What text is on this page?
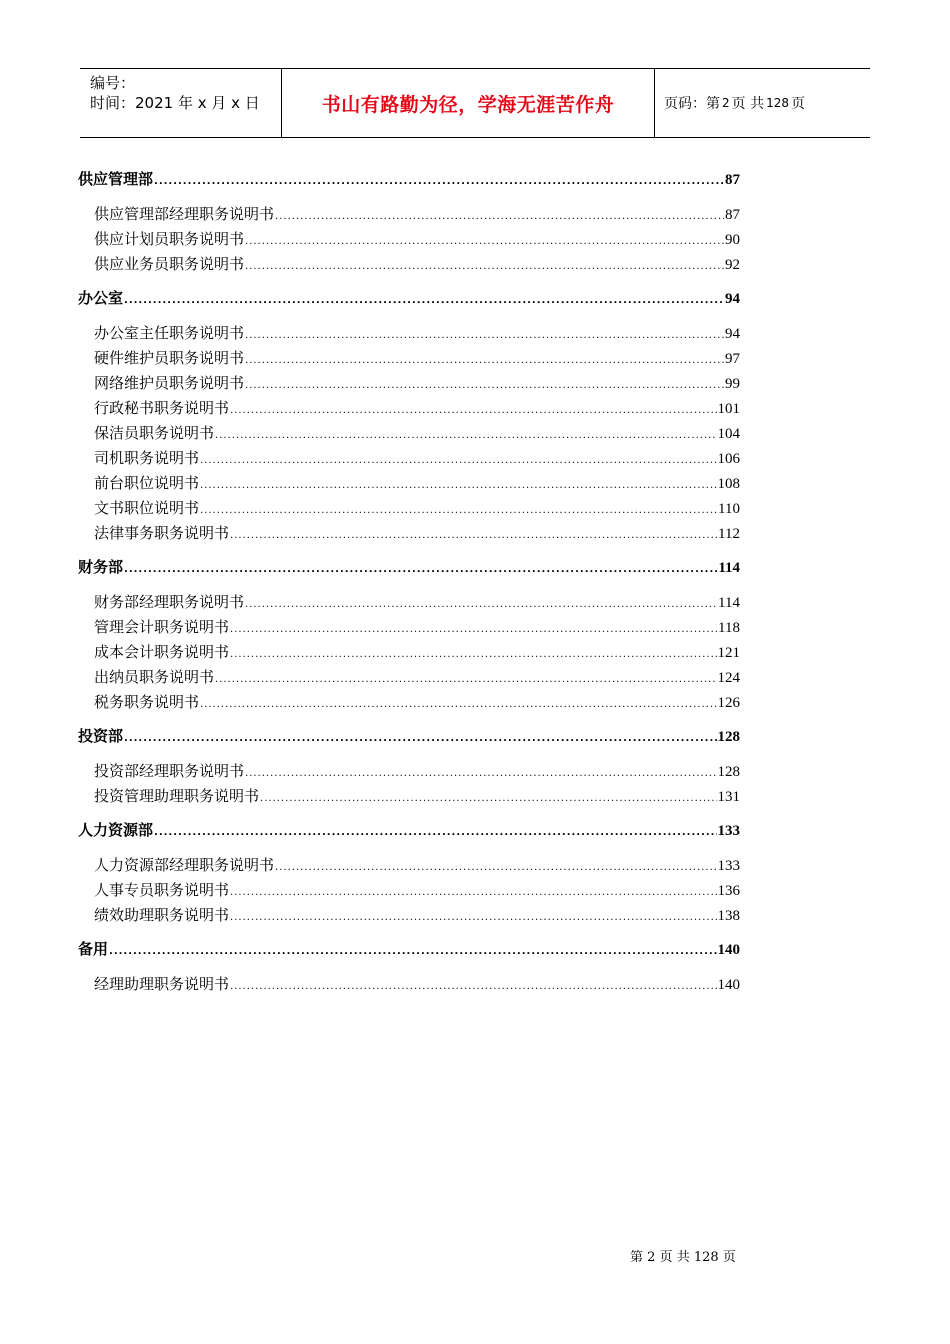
编号：
时间：2021 年 x 月 x 日	书山有路勤为径，学海无涯苦作舟	页码：第 2 页 共 128 页
供应管理部 .....	87
供应管理部经理职务说明书 .....	87
供应计划员职务说明书 .....	90
供应业务员职务说明书 .....	92
办公室 .....	94
办公室主任职务说明书 .....	94
硬件维护员职务说明书 .....	97
网络维护员职务说明书 .....	99
行政秘书职务说明书 .....	101
保洁员职务说明书 .....	104
司机职务说明书 .....	106
前台职位说明书 .....	108
文书职位说明书 .....	110
法律事务职务说明书 .....	112
财务部 .....	114
财务部经理职务说明书 .....	114
管理会计职务说明书 .....	118
成本会计职务说明书 .....	121
出纳员职务说明书 .....	124
税务职务说明书 .....	126
投资部 .....	128
投资部经理职务说明书 .....	128
投资管理助理职务说明书 .....	131
人力资源部 .....	133
人力资源部经理职务说明书 .....	133
人事专员职务说明书 .....	136
绩效助理职务说明书 .....	138
备用 .....	140
经理助理职务说明书 .....	140
第 2 页 共 128 页
